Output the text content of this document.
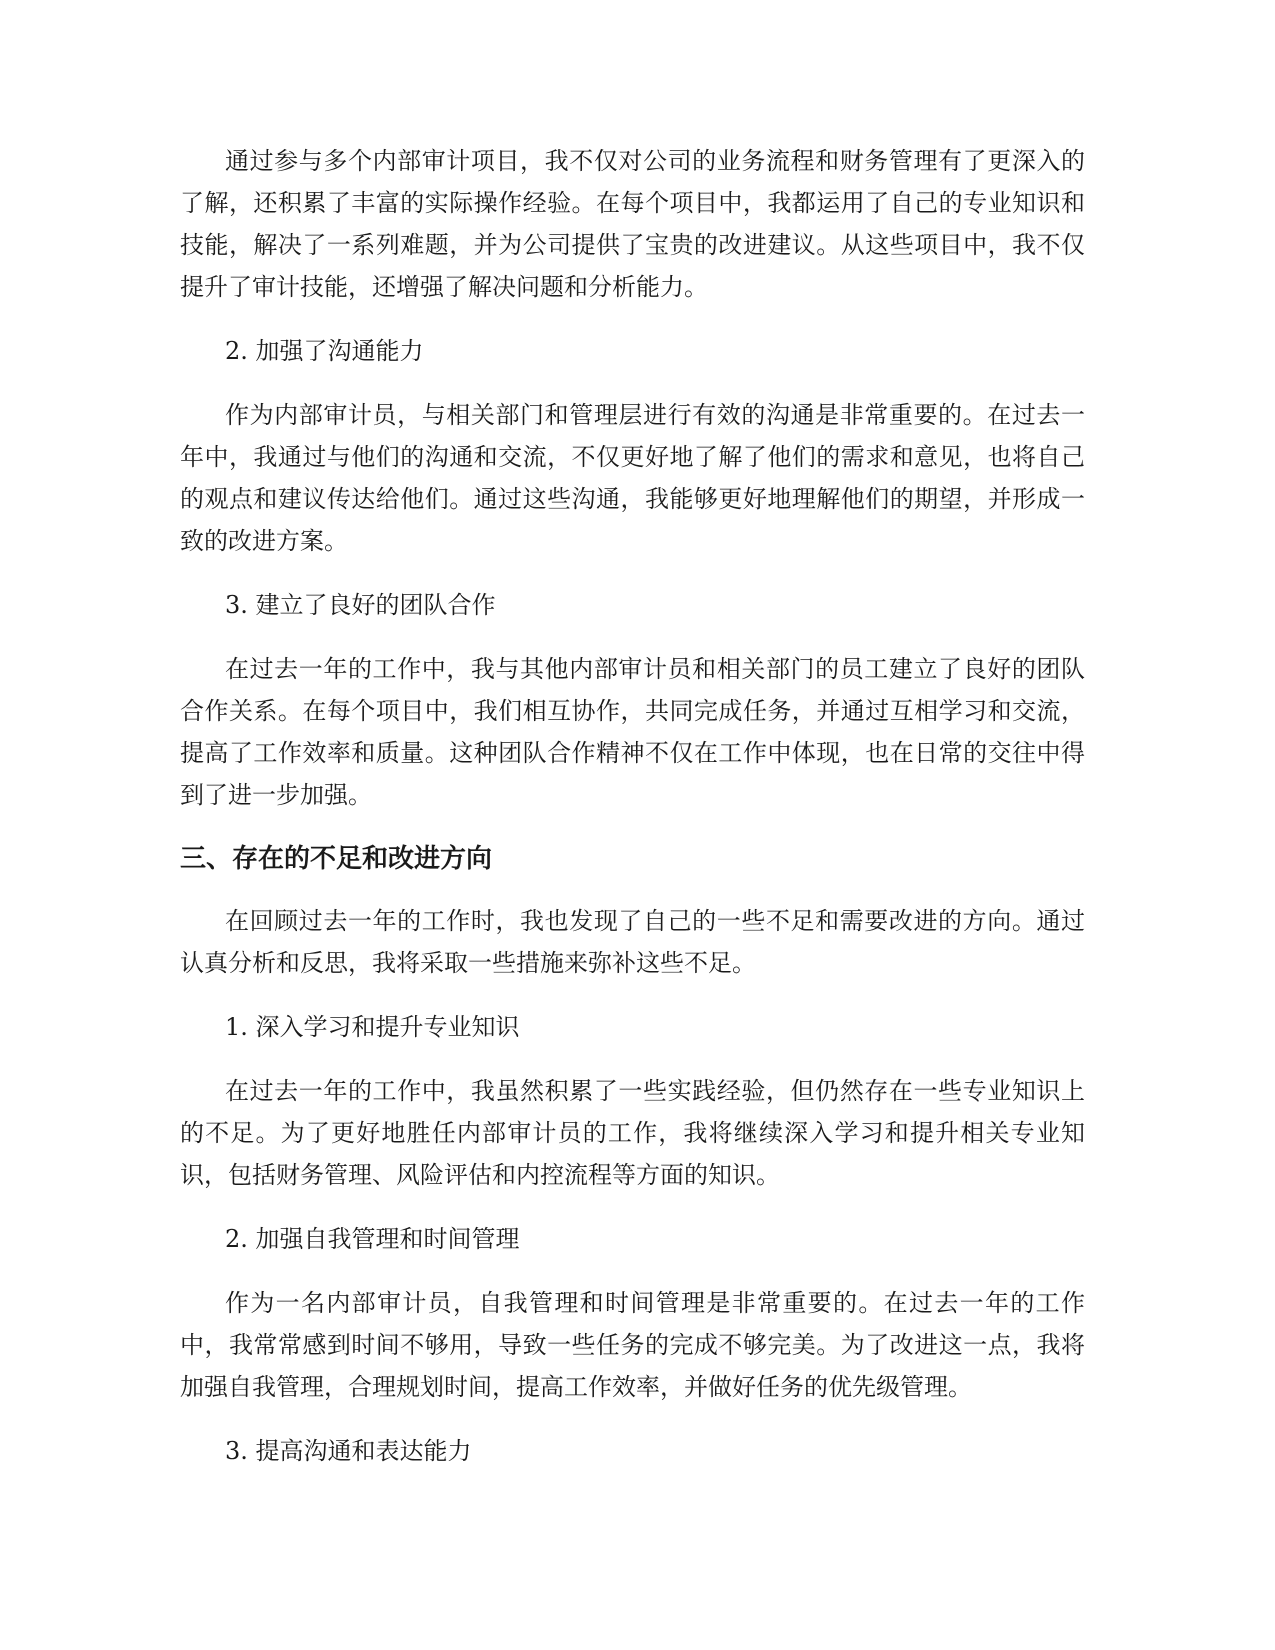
通过参与多个内部审计项目，我不仅对公司的业务流程和财务管理有了更深入的了解，还积累了丰富的实际操作经验。在每个项目中，我都运用了自己的专业知识和技能，解决了一系列难题，并为公司提供了宝贵的改进建议。从这些项目中，我不仅提升了审计技能，还增强了解决问题和分析能力。

2. 加强了沟通能力

作为内部审计员，与相关部门和管理层进行有效的沟通是非常重要的。在过去一年中，我通过与他们的沟通和交流，不仅更好地了解了他们的需求和意见，也将自己的观点和建议传达给他们。通过这些沟通，我能够更好地理解他们的期望，并形成一致的改进方案。

3. 建立了良好的团队合作

在过去一年的工作中，我与其他内部审计员和相关部门的员工建立了良好的团队合作关系。在每个项目中，我们相互协作，共同完成任务，并通过互相学习和交流，提高了工作效率和质量。这种团队合作精神不仅在工作中体现，也在日常的交往中得到了进一步加强。

三、存在的不足和改进方向

在回顾过去一年的工作时，我也发现了自己的一些不足和需要改进的方向。通过认真分析和反思，我将采取一些措施来弥补这些不足。

1. 深入学习和提升专业知识

在过去一年的工作中，我虽然积累了一些实践经验，但仍然存在一些专业知识上的不足。为了更好地胜任内部审计员的工作，我将继续深入学习和提升相关专业知识，包括财务管理、风险评估和内控流程等方面的知识。

2. 加强自我管理和时间管理

作为一名内部审计员，自我管理和时间管理是非常重要的。在过去一年的工作中，我常常感到时间不够用，导致一些任务的完成不够完美。为了改进这一点，我将加强自我管理，合理规划时间，提高工作效率，并做好任务的优先级管理。

3. 提高沟通和表达能力
